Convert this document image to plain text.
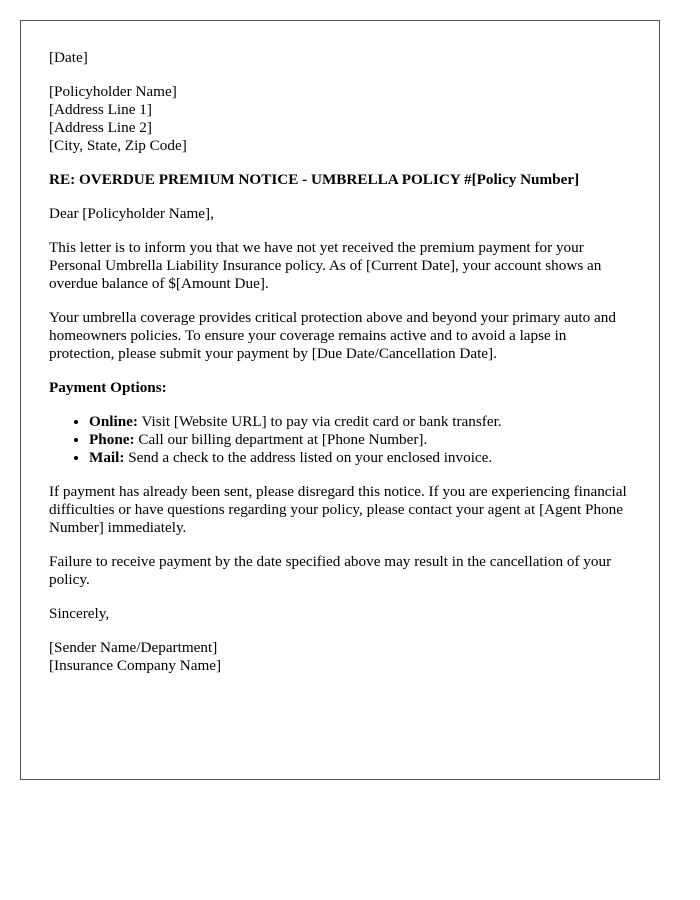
[Date]

[Policyholder Name]
[Address Line 1]
[Address Line 2]
[City, State, Zip Code]

RE: OVERDUE PREMIUM NOTICE - UMBRELLA POLICY #[Policy Number]

Dear [Policyholder Name],

This letter is to inform you that we have not yet received the premium payment for your Personal Umbrella Liability Insurance policy. As of [Current Date], your account shows an overdue balance of $[Amount Due].

Your umbrella coverage provides critical protection above and beyond your primary auto and homeowners policies. To ensure your coverage remains active and to avoid a lapse in protection, please submit your payment by [Due Date/Cancellation Date].

Payment Options:

• Online: Visit [Website URL] to pay via credit card or bank transfer.
• Phone: Call our billing department at [Phone Number].
• Mail: Send a check to the address listed on your enclosed invoice.

If payment has already been sent, please disregard this notice. If you are experiencing financial difficulties or have questions regarding your policy, please contact your agent at [Agent Phone Number] immediately.

Failure to receive payment by the date specified above may result in the cancellation of your policy.

Sincerely,

[Sender Name/Department]
[Insurance Company Name]
